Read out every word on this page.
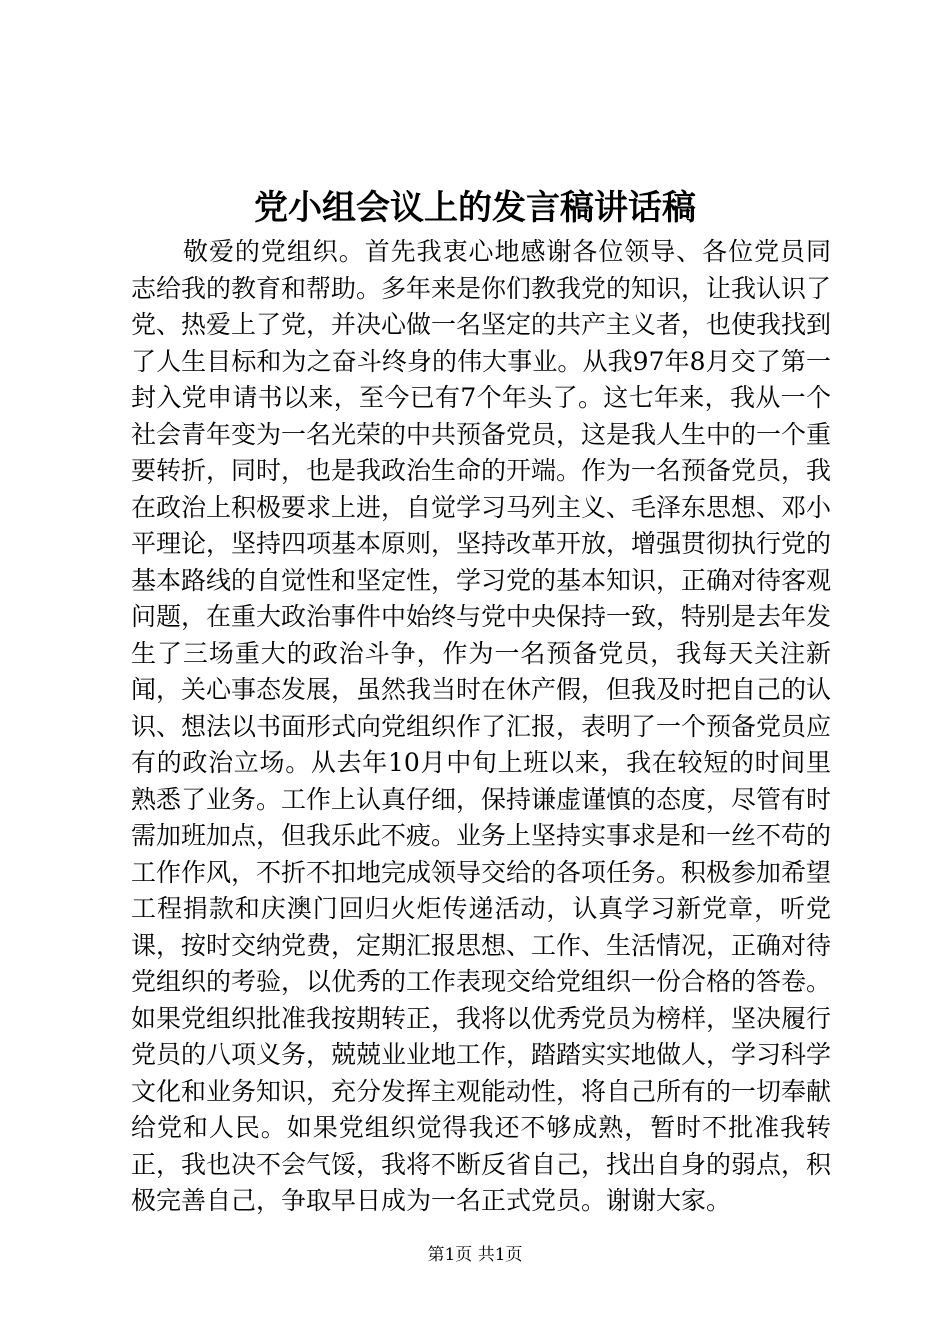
党小组会议上的发言稿讲话稿

敬爱的党组织。首先我衷心地感谢各位领导、各位党员同志给我的教育和帮助。多年来是你们教我党的知识，让我认识了党、热爱上了党，并决心做一名坚定的共产主义者，也使我找到了人生目标和为之奋斗终身的伟大事业。从我97年8月交了第一封入党申请书以来，至今已有7个年头了。这七年来，我从一个社会青年变为一名光荣的中共预备党员，这是我人生中的一个重要转折，同时，也是我政治生命的开端。作为一名预备党员，我在政治上积极要求上进，自觉学习马列主义、毛泽东思想、邓小平理论，坚持四项基本原则，坚持改革开放，增强贯彻执行党的基本路线的自觉性和坚定性，学习党的基本知识，正确对待客观问题，在重大政治事件中始终与党中央保持一致，特别是去年发生了三场重大的政治斗争，作为一名预备党员，我每天关注新闻，关心事态发展，虽然我当时在休产假，但我及时把自己的认识、想法以书面形式向党组织作了汇报，表明了一个预备党员应有的政治立场。从去年10月中旬上班以来，我在较短的时间里熟悉了业务。工作上认真仔细，保持谦虚谨慎的态度，尽管有时需加班加点，但我乐此不疲。业务上坚持实事求是和一丝不苟的工作作风，不折不扣地完成领导交给的各项任务。积极参加希望工程捐款和庆澳门回归火炬传递活动，认真学习新党章，听党课，按时交纳党费，定期汇报思想、工作、生活情况，正确对待党组织的考验，以优秀的工作表现交给党组织一份合格的答卷。如果党组织批准我按期转正，我将以优秀党员为榜样，坚决履行党员的八项义务，兢兢业业地工作，踏踏实实地做人，学习科学文化和业务知识，充分发挥主观能动性，将自己所有的一切奉献给党和人民。如果党组织觉得我还不够成熟，暂时不批准我转正，我也决不会气馁，我将不断反省自己，找出自身的弱点，积极完善自己，争取早日成为一名正式党员。谢谢大家。

第1页 共1页
